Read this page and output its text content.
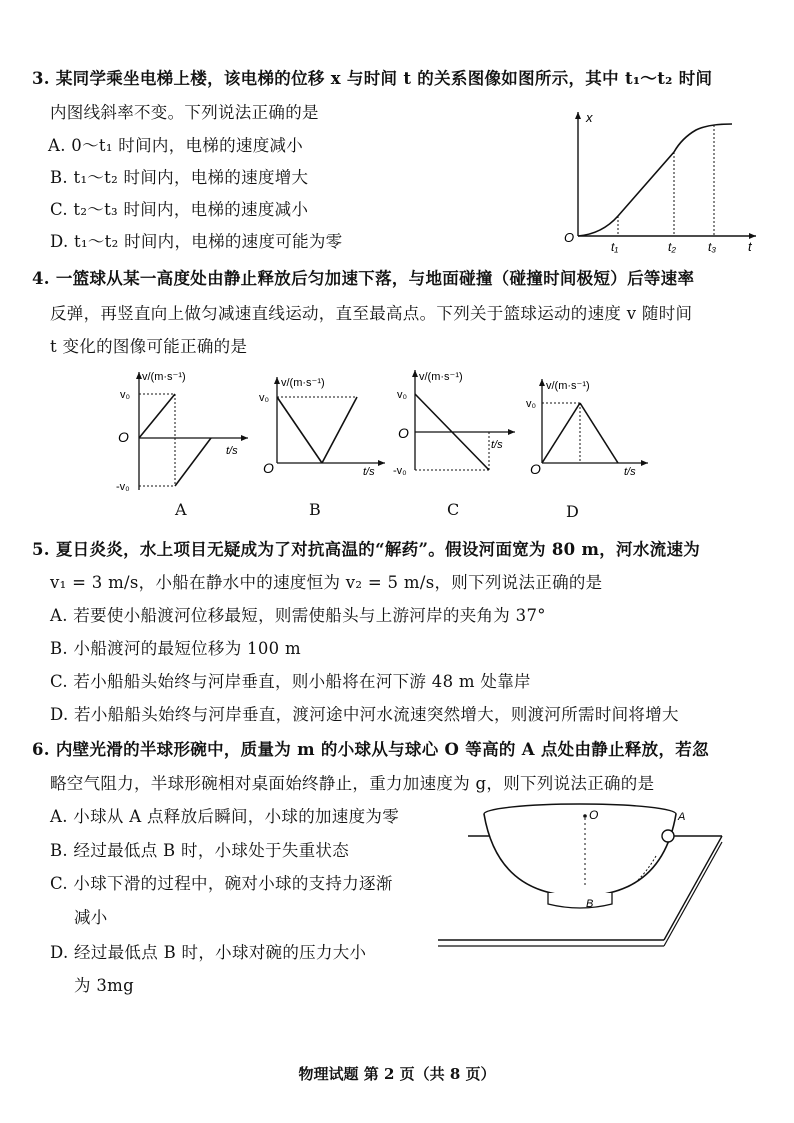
3. 某同学乘坐电梯上楼，该电梯的位移 x 与时间 t 的关系图像如图所示，其中 t₁～t₂ 时间
内图线斜率不变。下列说法正确的是
A. 0～t₁ 时间内，电梯的速度减小
B. t₁～t₂ 时间内，电梯的速度增大
C. t₂～t₃ 时间内，电梯的速度减小
D. t₁～t₂ 时间内，电梯的速度可能为零
x
O
t₁	t₂	t₃ t
4. 一篮球从某一高度处由静止释放后匀加速下落，与地面碰撞（碰撞时间极短）后等速率
反弹，再竖直向上做匀减速直线运动，直至最高点。下列关于篮球运动的速度 v 随时间
t 变化的图像可能正确的是
v/(m·s⁻¹)
v₀
O
-v₀
t/s
A
v/(m·s⁻¹)
v₀
O	t/s
B
v/(m·s⁻¹)
v₀
O
-v₀
t/s
C
v/(m·s⁻¹)
v₀
O	t/s
D
5. 夏日炎炎，水上项目无疑成为了对抗高温的“解药”。假设河面宽为 80 m，河水流速为
v₁ = 3 m/s，小船在静水中的速度恒为 v₂ = 5 m/s，则下列说法正确的是
A. 若要使小船渡河位移最短，则需使船头与上游河岸的夹角为 37°
B. 小船渡河的最短位移为 100 m
C. 若小船船头始终与河岸垂直，则小船将在河下游 48 m 处靠岸
D. 若小船船头始终与河岸垂直，渡河途中河水流速突然增大，则渡河所需时间将增大
6. 内壁光滑的半球形碗中，质量为 m 的小球从与球心 O 等高的 A 点处由静止释放，若忽
略空气阻力，半球形碗相对桌面始终静止，重力加速度为 g，则下列说法正确的是
A. 小球从 A 点释放后瞬间，小球的加速度为零
B. 经过最低点 B 时，小球处于失重状态
C. 小球下滑的过程中，碗对小球的支持力逐渐
减小
D. 经过最低点 B 时，小球对碗的压力大小
为 3mg
O	A
B
物理试题 第 2 页（共 8 页）
